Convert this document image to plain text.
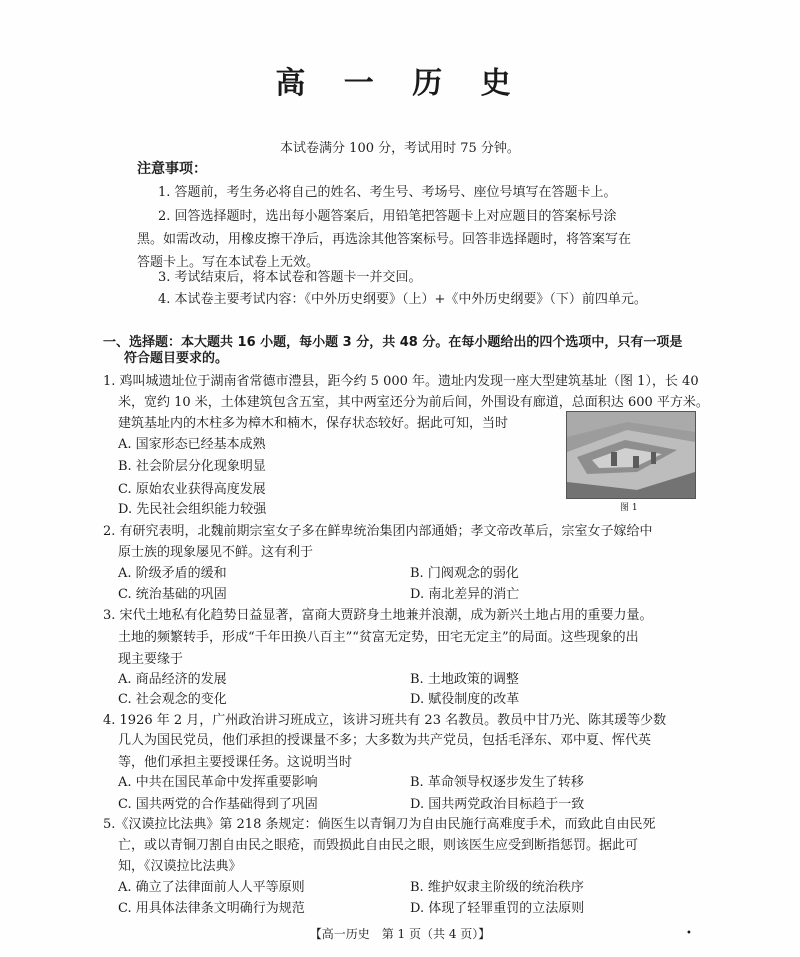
高 一 历 史
本试卷满分 100 分，考试用时 75 分钟。
注意事项：
1. 答题前，考生务必将自己的姓名、考生号、考场号、座位号填写在答题卡上。
2. 回答选择题时，选出每小题答案后，用铅笔把答题卡上对应题目的答案标号涂
黑。如需改动，用橡皮擦干净后，再选涂其他答案标号。回答非选择题时，将答案写在
答题卡上。写在本试卷上无效。
3. 考试结束后，将本试卷和答题卡一并交回。
4. 本试卷主要考试内容：《中外历史纲要》（上）+《中外历史纲要》（下）前四单元。
一、选择题：本大题共 16 小题，每小题 3 分，共 48 分。在每小题给出的四个选项中，只有一项是
符合题目要求的。
1. 鸡叫城遗址位于湖南省常德市澧县，距今约 5 000 年。遗址内发现一座大型建筑基址（图 1），长 40
米，宽约 10 米，土体建筑包含五室，其中两室还分为前后间，外围设有廊道，总面积达 600 平方米。
建筑基址内的木柱多为樟木和楠木，保存状态较好。据此可知，当时
A. 国家形态已经基本成熟
B. 社会阶层分化现象明显
C. 原始农业获得高度发展
D. 先民社会组织能力较强	图 1
2. 有研究表明，北魏前期宗室女子多在鲜卑统治集团内部通婚；孝文帝改革后，宗室女子嫁给中
原士族的现象屡见不鲜。这有利于
A. 阶级矛盾的缓和	B. 门阀观念的弱化
C. 统治基础的巩固	D. 南北差异的消亡
3. 宋代土地私有化趋势日益显著，富商大贾跻身土地兼并浪潮，成为新兴土地占用的重要力量。
土地的频繁转手，形成“千年田换八百主”“贫富无定势，田宅无定主”的局面。这些现象的出
现主要缘于
A. 商品经济的发展	B. 土地政策的调整
C. 社会观念的变化	D. 赋役制度的改革
4. 1926 年 2 月，广州政治讲习班成立，该讲习班共有 23 名教员。教员中甘乃光、陈其瑗等少数
几人为国民党员，他们承担的授课量不多；大多数为共产党员，包括毛泽东、邓中夏、恽代英
等，他们承担主要授课任务。这说明当时
A. 中共在国民革命中发挥重要影响	B. 革命领导权逐步发生了转移
C. 国共两党的合作基础得到了巩固	D. 国共两党政治目标趋于一致
5.《汉谟拉比法典》第 218 条规定：倘医生以青铜刀为自由民施行高难度手术，而致此自由民死
亡，或以青铜刀割自由民之眼疮，而毁损此自由民之眼，则该医生应受到断指惩罚。据此可
知，《汉谟拉比法典》
A. 确立了法律面前人人平等原则	B. 维护奴隶主阶级的统治秩序
C. 用具体法律条文明确行为规范	D. 体现了轻罪重罚的立法原则
【高一历史　第 1 页（共 4 页）】	•
